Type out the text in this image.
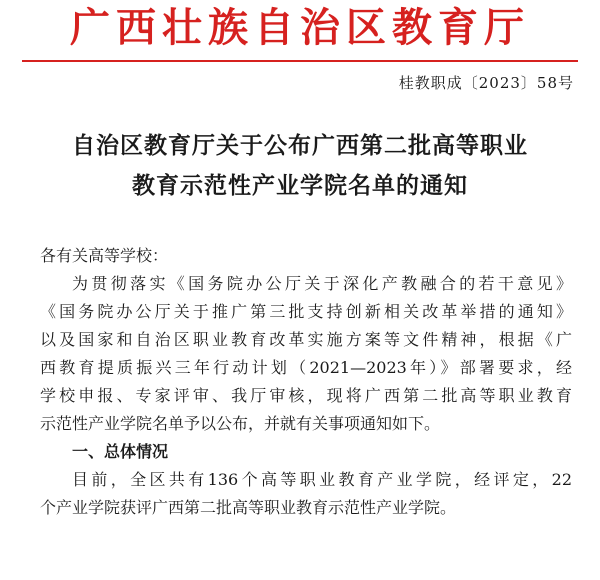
广西壮族自治区教育厅
桂教职成〔2023〕58号
自治区教育厅关于公布广西第二批高等职业
教育示范性产业学院名单的通知
各有关高等学校：
为贯彻落实《国务院办公厅关于深化产教融合的若干意见》
《国务院办公厅关于推广第三批支持创新相关改革举措的通知》
以及国家和自治区职业教育改革实施方案等文件精神，根据《广
西教育提质振兴三年行动计划（2021—2023年）》部署要求，经
学校申报、专家评审、我厅审核，现将广西第二批高等职业教育
示范性产业学院名单予以公布，并就有关事项通知如下。
一、总体情况
目前，全区共有136个高等职业教育产业学院，经评定，22
个产业学院获评广西第二批高等职业教育示范性产业学院。
